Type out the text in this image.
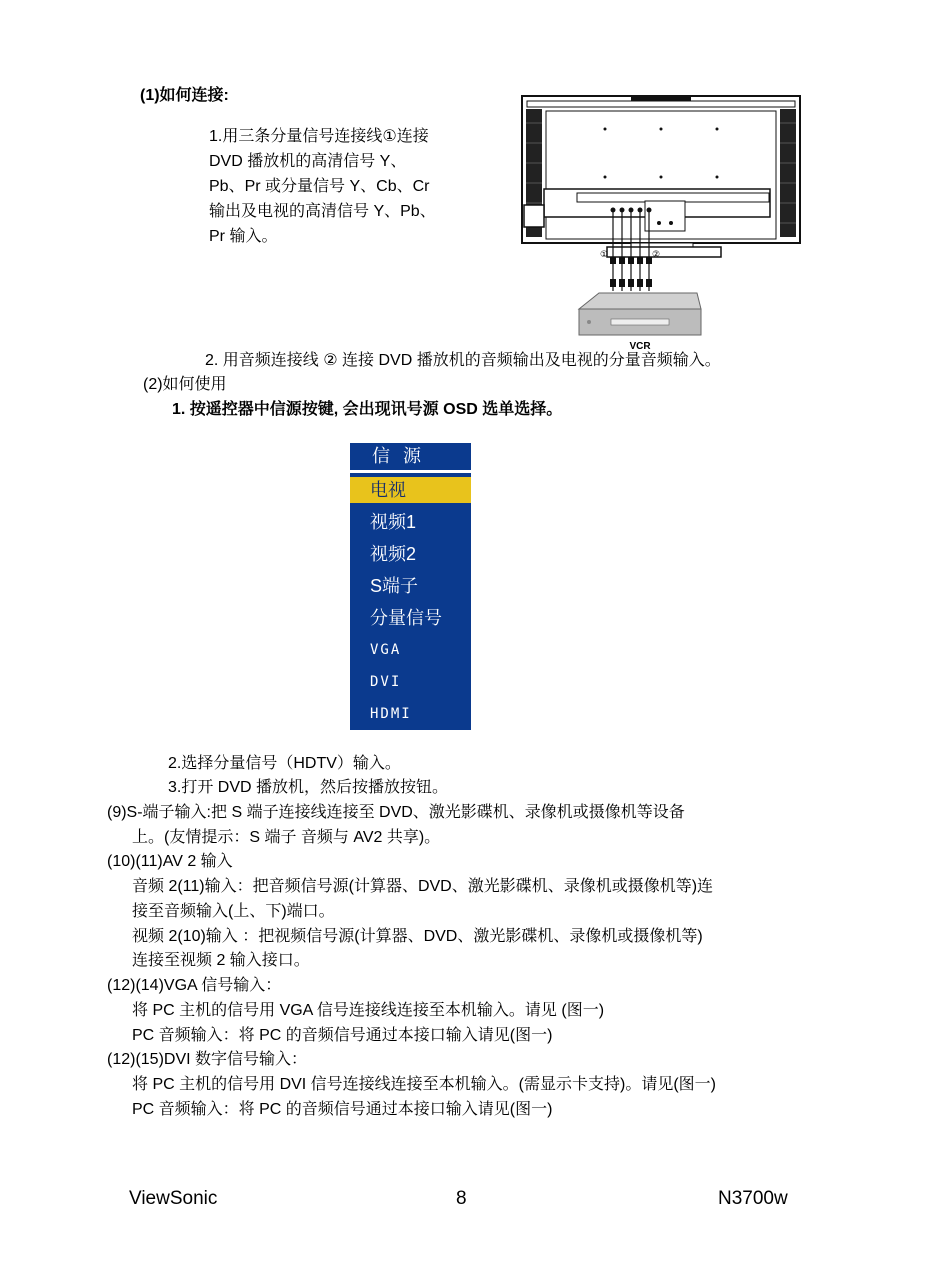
(1)如何连接:
1.用三条分量信号连接线①连接
DVD 播放机的高清信号 Y、
Pb、Pr 或分量信号 Y、Cb、Cr
输出及电视的高清信号 Y、Pb、
Pr 输入。
①	②
VCR
2. 用音频连接线 ② 连接 DVD 播放机的音频输出及电视的分量音频输入。
(2)如何使用
1. 按遥控器中信源按键, 会出现讯号源 OSD 选单选择。
信 源
电视
视频1
视频2
S端子
分量信号
VGA
DVI
HDMI
2.选择分量信号（HDTV）输入。
3.打开 DVD 播放机，然后按播放按钮。
(9)S-端子输入:把 S 端子连接线连接至 DVD、激光影碟机、录像机或摄像机等设备
上。(友情提示：S 端子 音频与 AV2 共享)。
(10)(11)AV 2 输入
音频 2(11)输入：把音频信号源(计算器、DVD、激光影碟机、录像机或摄像机等)连
接至音频输入(上、下)端口。
视频 2(10)输入 ：把视频信号源(计算器、DVD、激光影碟机、录像机或摄像机等)
连接至视频 2 输入接口。
(12)(14)VGA 信号输入：
将 PC 主机的信号用 VGA 信号连接线连接至本机输入。请见 (图一)
PC 音频输入：将 PC 的音频信号通过本接口输入请见(图一)
(12)(15)DVI 数字信号输入：
将 PC 主机的信号用 DVI 信号连接线连接至本机输入。(需显示卡支持)。请见(图一)
PC 音频输入：将 PC 的音频信号通过本接口输入请见(图一)
ViewSonic	8	N3700w
